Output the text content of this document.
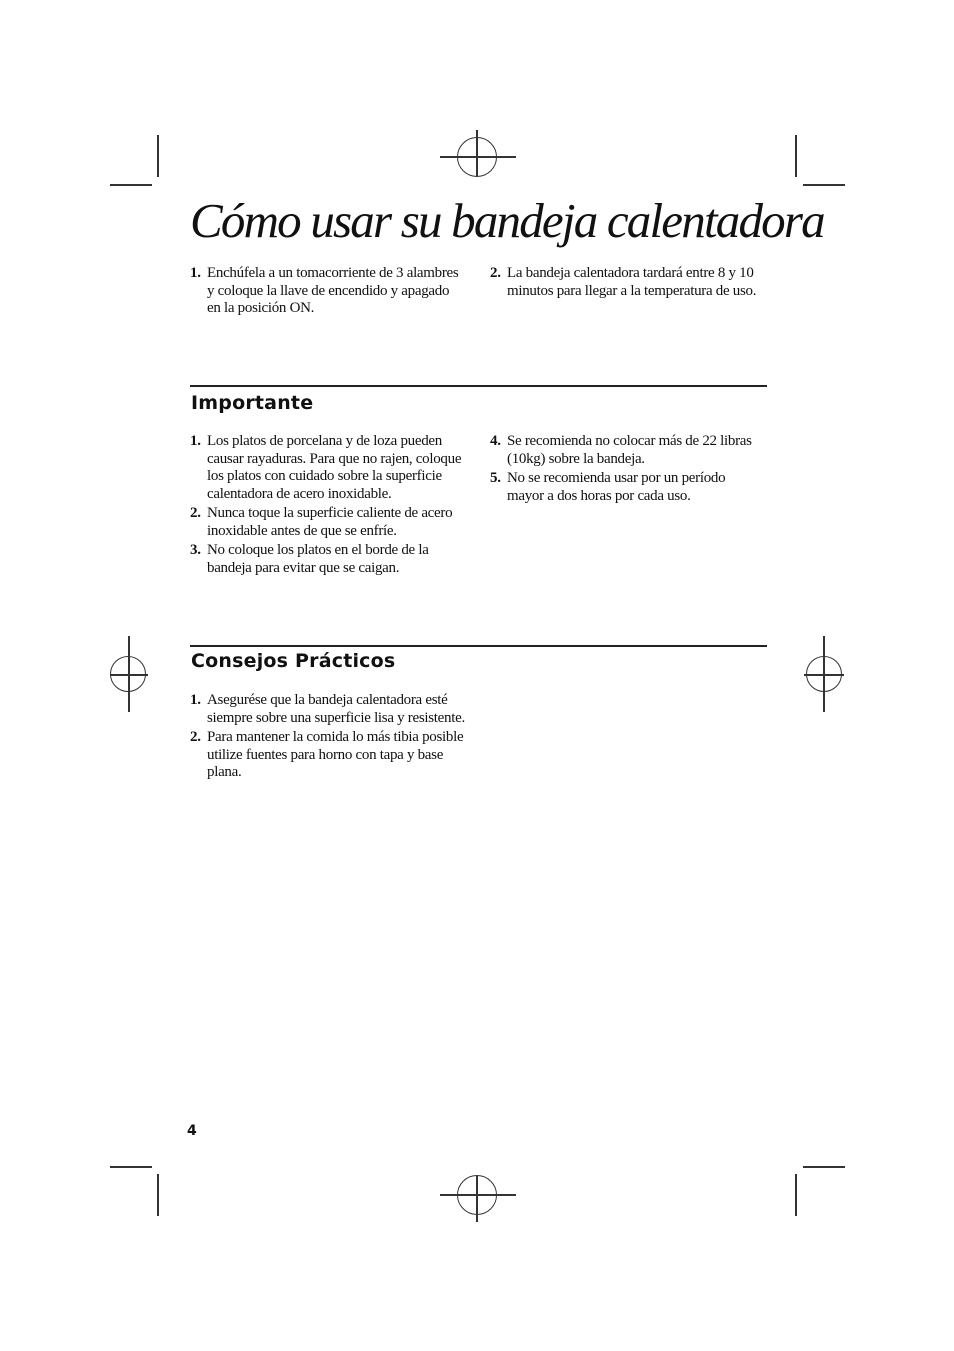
Cómo usar su bandeja calentadora
1. Enchúfela a un tomacorriente de 3 alambres y coloque la llave de encendido y apagado en la posición ON.
2. La bandeja calentadora tardará entre 8 y 10 minutos para llegar a la temperatura de uso.
Importante
1. Los platos de porcelana y de loza pueden causar rayaduras. Para que no rajen, coloque los platos con cuidado sobre la superficie calentadora de acero inoxidable.
2. Nunca toque la superficie caliente de acero inoxidable antes de que se enfríe.
3. No coloque los platos en el borde de la bandeja para evitar que se caigan.
4. Se recomienda no colocar más de 22 libras (10kg) sobre la bandeja.
5. No se recomienda usar por un período mayor a dos horas por cada uso.
Consejos Prácticos
1. Asegurése que la bandeja calentadora esté siempre sobre una superficie lisa y resistente.
2. Para mantener la comida lo más tibia posible utilize fuentes para horno con tapa y base plana.
4
